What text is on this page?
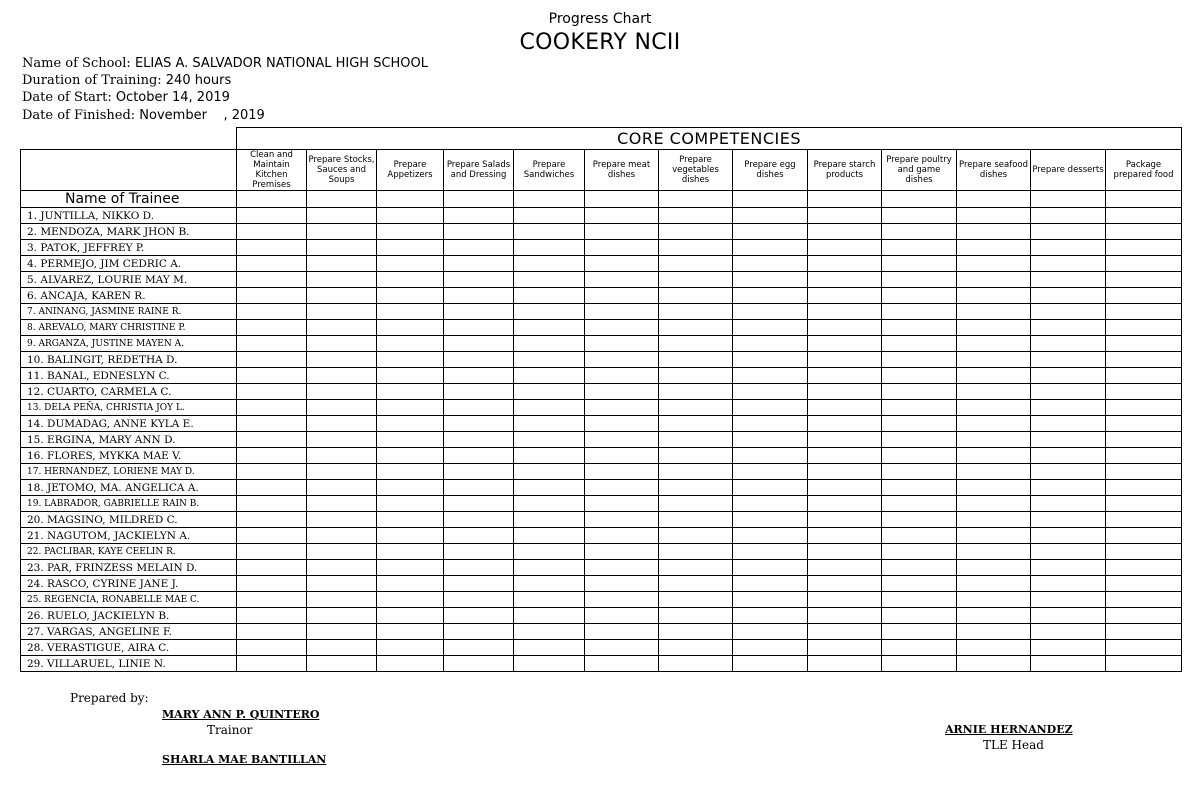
Progress Chart
COOKERY NCII
Name of School: ELIAS A. SALVADOR NATIONAL HIGH SCHOOL
Duration of Training: 240 hours
Date of Start: October 14, 2019
Date of Finished: November    , 2019
	CORE COMPETENCIES												
	Clean and Maintain Kitchen Premises	Prepare Stocks, Sauces and Soups	Prepare Appetizers	Prepare Salads and Dressing	Prepare Sandwiches	Prepare meat dishes	Prepare vegetables dishes	Prepare egg dishes	Prepare starch products	Prepare poultry and game dishes	Prepare seafood dishes	Prepare desserts	Package prepared food
Name of Trainee													
1. JUNTILLA, NIKKO D.													
2. MENDOZA, MARK JHON B.													
3. PATOK, JEFFREY P.													
4. PERMEJO, JIM CEDRIC A.													
5. ALVAREZ, LOURIE MAY M.													
6. ANCAJA, KAREN R.													
7. ANINANG, JASMINE RAINE R.													
8. AREVALO, MARY CHRISTINE P.													
9. ARGANZA, JUSTINE MAYEN A.													
10. BALINGIT, REDETHA D.													
11. BANAL, EDNESLYN C.													
12. CUARTO, CARMELA C.													
13. DELA PEÑA, CHRISTIA JOY L.													
14. DUMADAG, ANNE KYLA E.													
15. ERGINA, MARY ANN D.													
16. FLORES, MYKKA MAE V.													
17. HERNANDEZ, LORIENE MAY D.													
18. JETOMO, MA. ANGELICA A.													
19. LABRADOR, GABRIELLE RAIN B.													
20. MAGSINO, MILDRED C.													
21. NAGUTOM, JACKIELYN A.													
22. PACLIBAR, KAYE CEELIN R.													
23. PAR, FRINZESS MELAIN D.													
24. RASCO, CYRINE JANE J.													
25. REGENCIA, RONABELLE MAE C.													
26. RUELO, JACKIELYN B.													
27. VARGAS, ANGELINE F.													
28. VERASTIGUE, AIRA C.													
29. VILLARUEL, LINIE N.													
Prepared by:
MARY ANN P. QUINTERO
Trainor
SHARLA MAE BANTILLAN
ARNIE HERNANDEZ
TLE Head
